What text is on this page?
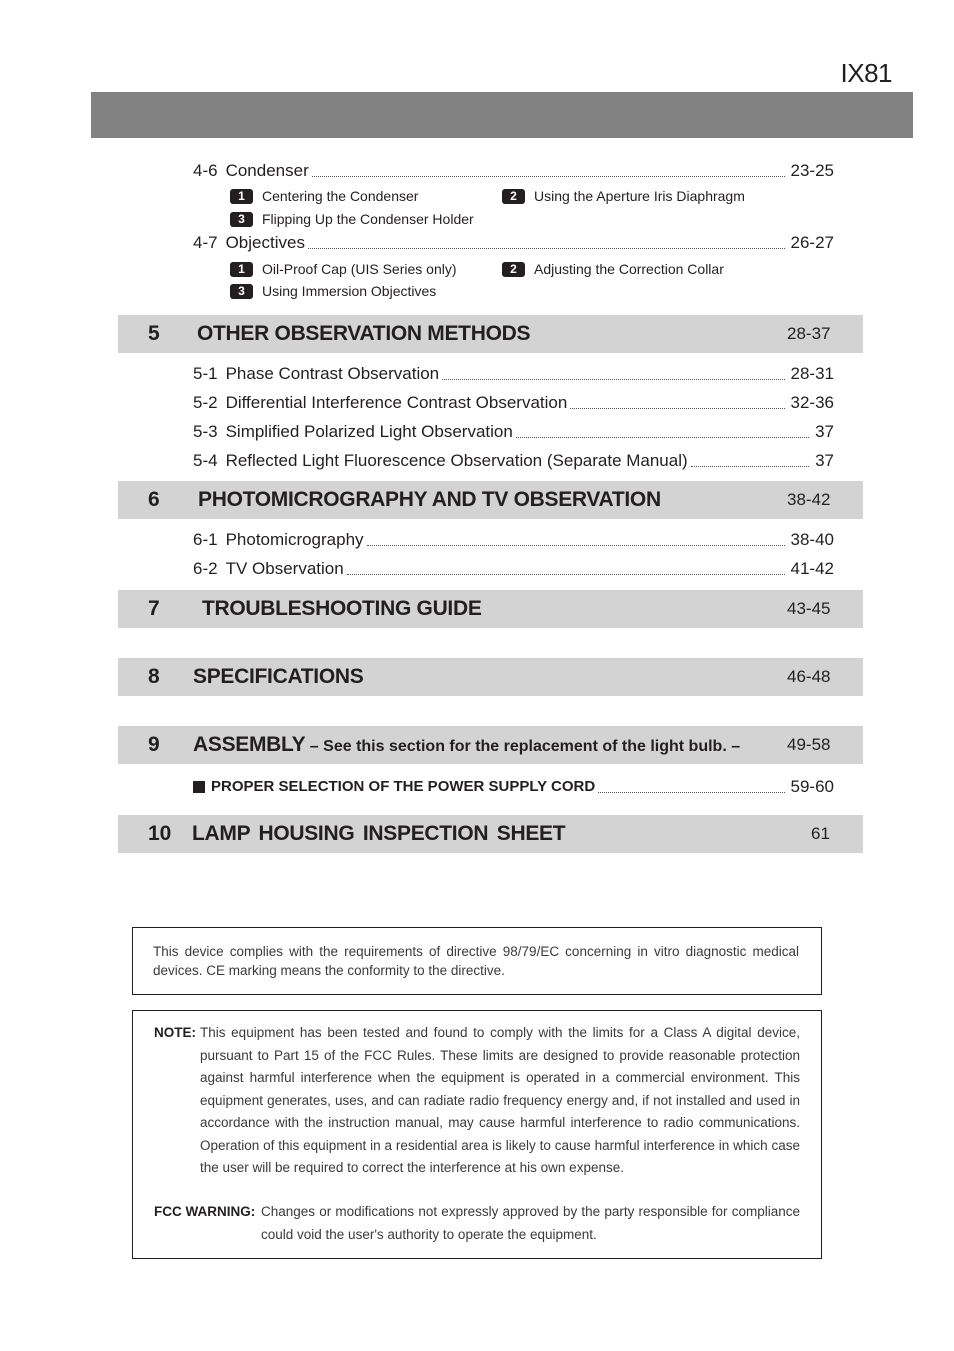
IX81
4-6 Condenser	23-25
1	Centering the Condenser	2	Using the Aperture Iris Diaphragm
3	Flipping Up the Condenser Holder
4-7 Objectives	26-27
1	Oil-Proof Cap (UIS Series only)	2	Adjusting the Correction Collar
3	Using Immersion Objectives
5 OTHER OBSERVATION METHODS	28-37
5-1 Phase Contrast Observation	28-31
5-2 Differential Interference Contrast Observation	32-36
5-3 Simplified Polarized Light Observation	37
5-4 Reflected Light Fluorescence Observation (Separate Manual)	37
6 PHOTOMICROGRAPHY AND TV OBSERVATION	38-42
6-1 Photomicrography	38-40
6-2 TV Observation	41-42
7 TROUBLESHOOTING GUIDE	43-45
8 SPECIFICATIONS	46-48
9 ASSEMBLY – See this section for the replacement of the light bulb. –	49-58
PROPER SELECTION OF THE POWER SUPPLY CORD	59-60
10 LAMP HOUSING INSPECTION SHEET	61

This device complies with the requirements of directive 98/79/EC concerning in vitro diagnostic medical devices. CE marking means the conformity to the directive.

NOTE: This equipment has been tested and found to comply with the limits for a Class A digital device, pursuant to Part 15 of the FCC Rules. These limits are designed to provide reasonable protection against harmful interference when the equipment is operated in a commercial environment. This equipment generates, uses, and can radiate radio frequency energy and, if not installed and used in accordance with the instruction manual, may cause harmful interference to radio communications. Operation of this equipment in a residential area is likely to cause harmful interference in which case the user will be required to correct the interference at his own expense.
FCC WARNING: Changes or modifications not expressly approved by the party responsible for compliance could void the user's authority to operate the equipment.
